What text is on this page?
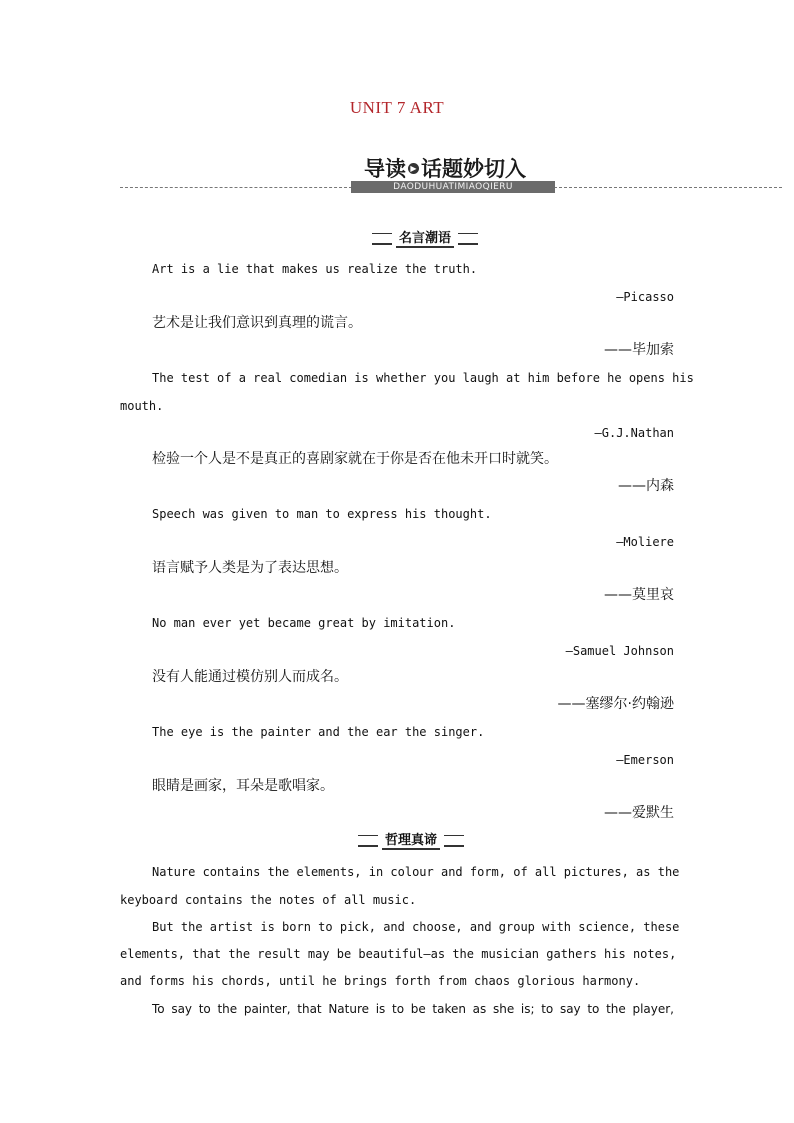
UNIT 7 ART
导读 ▶ 话题妙切入
DAODUHUATIMIAOQIERU
名言潮语
Art is a lie that makes us realize the truth.
—Picasso
艺术是让我们意识到真理的谎言。
——毕加索
The test of a real comedian is whether you laugh at him before he opens his
mouth.
—G.J.Nathan
检验一个人是不是真正的喜剧家就在于你是否在他未开口时就笑。
——内森
Speech was given to man to express his thought.
—Moliere
语言赋予人类是为了表达思想。
——莫里哀
No man ever yet became great by imitation.
—Samuel Johnson
没有人能通过模仿别人而成名。
——塞缪尔·约翰逊
The eye is the painter and the ear the singer.
—Emerson
眼睛是画家，耳朵是歌唱家。
——爱默生
哲理真谛
Nature contains the elements, in colour and form, of all pictures, as the
keyboard contains the notes of all music.
But the artist is born to pick, and choose, and group with science, these
elements, that the result may be beautiful—as the musician gathers his notes,
and forms his chords, until he brings forth from chaos glorious harmony.
To say to the painter, that Nature is to be taken as she is; to say to the player,
